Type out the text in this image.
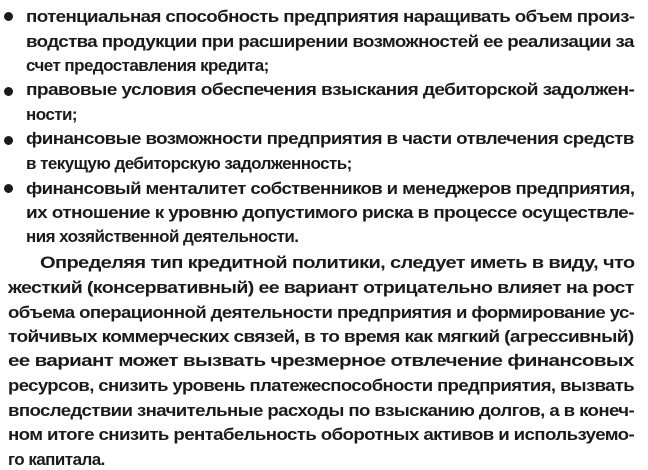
потенциальная способность предприятия наращивать объем произ-
водства продукции при расширении возможностей ее реализации за
счет предоставления кредита;
правовые условия обеспечения взыскания дебиторской задолжен-
ности;
финансовые возможности предприятия в части отвлечения средств
в текущую дебиторскую задолженность;
финансовый менталитет собственников и менеджеров предприятия,
их отношение к уровню допустимого риска в процессе осуществле-
ния хозяйственной деятельности.
Определяя тип кредитной политики, следует иметь в виду, что
жесткий (консервативный) ее вариант отрицательно влияет на рост
объема операционной деятельности предприятия и формирование ус-
тойчивых коммерческих связей, в то время как мягкий (агрессивный)
ее вариант может вызвать чрезмерное отвлечение финансовых
ресурсов, снизить уровень платежеспособности предприятия, вызвать
впоследствии значительные расходы по взысканию долгов, а в конеч-
ном итоге снизить рентабельность оборотных активов и используемо-
го капитала.
